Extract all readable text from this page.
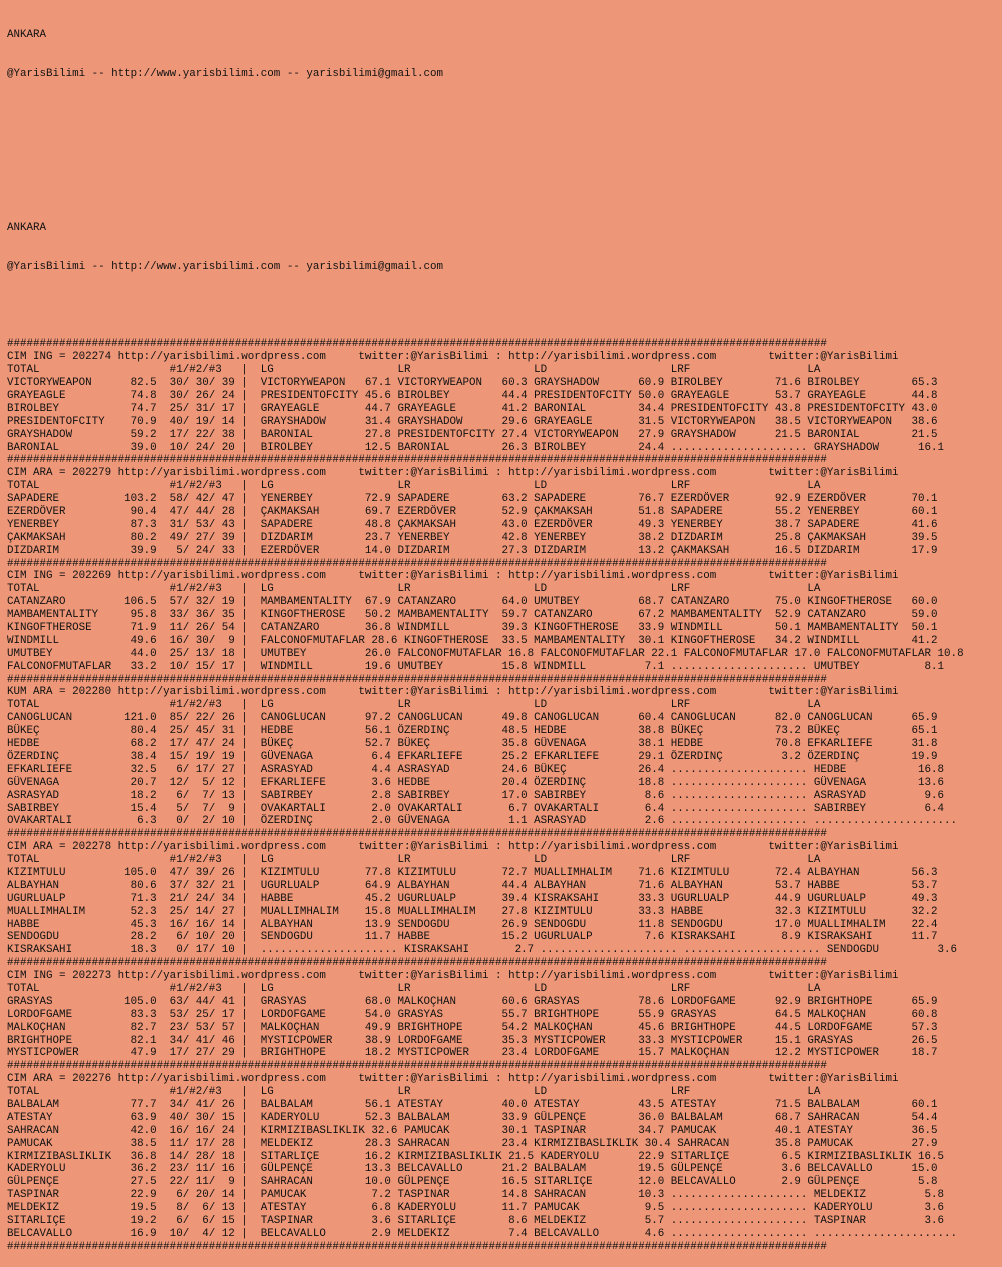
ANKARA

@YarisBilimi -- http://www.yarisbilimi.com -- yarisbilimi@gmail.com

ANKARA

@YarisBilimi -- http://www.yarisbilimi.com -- yarisbilimi@gmail.com

##############################################################################################################################
CIM ING = 202274 http://yarisbilimi.wordpress.com     twitter:@YarisBilimi : http://yarisbilimi.wordpress.com        twitter:@YarisBilimi
TOTAL                    #1/#2/#3   |  LG                   LR                   LD                   LRF                  LA
VICTORYWEAPON      82.5  30/ 30/ 39 |  VICTORYWEAPON   67.1 VICTORYWEAPON   60.3 GRAYSHADOW      60.9 BIROLBEY        71.6 BIROLBEY        65.3
GRAYEAGLE          74.8  30/ 26/ 24 |  PRESIDENTOFCITY 45.6 BIROLBEY        44.4 PRESIDENTOFCITY 50.0 GRAYEAGLE       53.7 GRAYEAGLE       44.8
BIROLBEY           74.7  25/ 31/ 17 |  GRAYEAGLE       44.7 GRAYEAGLE       41.2 BARONIAL        34.4 PRESIDENTOFCITY 43.8 PRESIDENTOFCITY 43.0
PRESIDENTOFCITY    70.9  40/ 19/ 14 |  GRAYSHADOW      31.4 GRAYSHADOW      29.6 GRAYEAGLE       31.5 VICTORYWEAPON   38.5 VICTORYWEAPON   38.6
GRAYSHADOW         59.2  17/ 22/ 38 |  BARONIAL        27.8 PRESIDENTOFCITY 27.4 VICTORYWEAPON   27.9 GRAYSHADOW      21.5 BARONIAL        21.5
BARONIAL           39.0  10/ 24/ 20 |  BIROLBEY        12.5 BARONIAL        26.3 BIROLBEY        24.4 ..................... GRAYSHADOW      16.1
##############################################################################################################################
CIM ARA = 202279 http://yarisbilimi.wordpress.com     twitter:@YarisBilimi : http://yarisbilimi.wordpress.com        twitter:@YarisBilimi
TOTAL                    #1/#2/#3   |  LG                   LR                   LD                   LRF                  LA
SAPADERE          103.2  58/ 42/ 47 |  YENERBEY        72.9 SAPADERE        63.2 SAPADERE        76.7 EZERDÖVER       92.9 EZERDÖVER       70.1
EZERDÖVER          90.4  47/ 44/ 28 |  ÇAKMAKSAH       69.7 EZERDÖVER       52.9 ÇAKMAKSAH       51.8 SAPADERE        55.2 YENERBEY        60.1
YENERBEY           87.3  31/ 53/ 43 |  SAPADERE        48.8 ÇAKMAKSAH       43.0 EZERDÖVER       49.3 YENERBEY        38.7 SAPADERE        41.6
ÇAKMAKSAH          80.2  49/ 27/ 39 |  DIZDARIM        23.7 YENERBEY        42.8 YENERBEY        38.2 DIZDARIM        25.8 ÇAKMAKSAH       39.5
DIZDARIM           39.9   5/ 24/ 33 |  EZERDÖVER       14.0 DIZDARIM        27.3 DIZDARIM        13.2 ÇAKMAKSAH       16.5 DIZDARIM        17.9
##############################################################################################################################
CIM ING = 202269 http://yarisbilimi.wordpress.com     twitter:@YarisBilimi : http://yarisbilimi.wordpress.com        twitter:@YarisBilimi
TOTAL                    #1/#2/#3   |  LG                   LR                   LD                   LRF                  LA
CATANZARO         106.5  57/ 32/ 19 |  MAMBAMENTALITY  67.9 CATANZARO       64.0 UMUTBEY         68.7 CATANZARO       75.0 KINGOFTHEROSE   60.0
MAMBAMENTALITY     95.8  33/ 36/ 35 |  KINGOFTHEROSE   50.2 MAMBAMENTALITY  59.7 CATANZARO       67.2 MAMBAMENTALITY  52.9 CATANZARO       59.0
KINGOFTHEROSE      71.9  11/ 26/ 54 |  CATANZARO       36.8 WINDMILL        39.3 KINGOFTHEROSE   33.9 WINDMILL        50.1 MAMBAMENTALITY  50.1
WINDMILL           49.6  16/ 30/  9 |  FALCONOFMUTAFLAR 28.6 KINGOFTHEROSE  33.5 MAMBAMENTALITY  30.1 KINGOFTHEROSE   34.2 WINDMILL        41.2
UMUTBEY            44.0  25/ 13/ 18 |  UMUTBEY         26.0 FALCONOFMUTAFLAR 16.8 FALCONOFMUTAFLAR 22.1 FALCONOFMUTAFLAR 17.0 FALCONOFMUTAFLAR 10.8
FALCONOFMUTAFLAR   33.2  10/ 15/ 17 |  WINDMILL        19.6 UMUTBEY         15.8 WINDMILL         7.1 ..................... UMUTBEY          8.1
##############################################################################################################################
KUM ARA = 202280 http://yarisbilimi.wordpress.com     twitter:@YarisBilimi : http://yarisbilimi.wordpress.com        twitter:@YarisBilimi
TOTAL                    #1/#2/#3   |  LG                   LR                   LD                   LRF                  LA
CANOGLUCAN        121.0  85/ 22/ 26 |  CANOGLUCAN      97.2 CANOGLUCAN      49.8 CANOGLUCAN      60.4 CANOGLUCAN      82.0 CANOGLUCAN      65.9
BÜKEÇ              80.4  25/ 45/ 31 |  HEDBE           56.1 ÖZERDINÇ        48.5 HEDBE           38.8 BÜKEÇ           73.2 BÜKEÇ           65.1
HEDBE              68.2  17/ 47/ 24 |  BÜKEÇ           52.7 BÜKEÇ           35.8 GÜVENAGA        38.1 HEDBE           70.8 EFKARLIEFE      31.8
ÖZERDINÇ           38.4  15/ 19/ 19 |  GÜVENAGA         6.4 EFKARLIEFE      25.2 EFKARLIEFE      29.1 ÖZERDINÇ         3.2 ÖZERDINÇ        19.9
EFKARLIEFE         32.5   6/ 17/ 27 |  ASRASYAD         4.4 ASRASYAD        24.6 BÜKEÇ           26.4 ..................... HEDBE           16.8
GÜVENAGA           20.7  12/  5/ 12 |  EFKARLIEFE       3.6 HEDBE           20.4 ÖZERDINÇ        18.8 ..................... GÜVENAGA        13.6
ASRASYAD           18.2   6/  7/ 13 |  SABIRBEY         2.8 SABIRBEY        17.0 SABIRBEY         8.6 ..................... ASRASYAD         9.6
SABIRBEY           15.4   5/  7/  9 |  OVAKARTALI       2.0 OVAKARTALI       6.7 OVAKARTALI       6.4 ..................... SABIRBEY         6.4
OVAKARTALI          6.3   0/  2/ 10 |  ÖZERDINÇ         2.0 GÜVENAGA         1.1 ASRASYAD         2.6 ..................... ......................
##############################################################################################################################
CIM ARA = 202278 http://yarisbilimi.wordpress.com     twitter:@YarisBilimi : http://yarisbilimi.wordpress.com        twitter:@YarisBilimi
TOTAL                    #1/#2/#3   |  LG                   LR                   LD                   LRF                  LA
KIZIMTULU         105.0  47/ 39/ 26 |  KIZIMTULU       77.8 KIZIMTULU       72.7 MUALLIMHALIM    71.6 KIZIMTULU       72.4 ALBAYHAN        56.3
ALBAYHAN           80.6  37/ 32/ 21 |  UGURLUALP       64.9 ALBAYHAN        44.4 ALBAYHAN        71.6 ALBAYHAN        53.7 HABBE           53.7
UGURLUALP          71.3  21/ 24/ 34 |  HABBE           45.2 UGURLUALP       39.4 KISRAKSAHI      33.3 UGURLUALP       44.9 UGURLUALP       49.3
MUALLIMHALIM       52.3  25/ 14/ 27 |  MUALLIMHALIM    15.8 MUALLIMHALIM    27.8 KIZIMTULU       33.3 HABBE           32.3 KIZIMTULU       32.2
HABBE              45.3  16/ 16/ 14 |  ALBAYHAN        13.9 SENDOGDU        26.9 SENDOGDU        11.8 SENDOGDU        17.0 MUALLIMHALIM    22.4
SENDOGDU           28.2   6/ 10/ 20 |  SENDOGDU        11.7 HABBE           15.2 UGURLUALP        7.6 KISRAKSAHI       8.9 KISRAKSAHI      11.7
KISRAKSAHI         18.3   0/ 17/ 10 |  ..................... KISRAKSAHI       2.7 ..................... ..................... SENDOGDU         3.6
##############################################################################################################################
CIM ING = 202273 http://yarisbilimi.wordpress.com     twitter:@YarisBilimi : http://yarisbilimi.wordpress.com        twitter:@YarisBilimi
TOTAL                    #1/#2/#3   |  LG                   LR                   LD                   LRF                  LA
GRASYAS           105.0  63/ 44/ 41 |  GRASYAS         68.0 MALKOÇHAN       60.6 GRASYAS         78.6 LORDOFGAME      92.9 BRIGHTHOPE      65.9
LORDOFGAME         83.3  53/ 25/ 17 |  LORDOFGAME      54.0 GRASYAS         55.7 BRIGHTHOPE      55.9 GRASYAS         64.5 MALKOÇHAN       60.8
MALKOÇHAN          82.7  23/ 53/ 57 |  MALKOÇHAN       49.9 BRIGHTHOPE      54.2 MALKOÇHAN       45.6 BRIGHTHOPE      44.5 LORDOFGAME      57.3
BRIGHTHOPE         82.1  34/ 41/ 46 |  MYSTICPOWER     38.9 LORDOFGAME      35.3 MYSTICPOWER     33.3 MYSTICPOWER     15.1 GRASYAS         26.5
MYSTICPOWER        47.9  17/ 27/ 29 |  BRIGHTHOPE      18.2 MYSTICPOWER     23.4 LORDOFGAME      15.7 MALKOÇHAN       12.2 MYSTICPOWER     18.7
##############################################################################################################################
CIM ARA = 202276 http://yarisbilimi.wordpress.com     twitter:@YarisBilimi : http://yarisbilimi.wordpress.com        twitter:@YarisBilimi
TOTAL                    #1/#2/#3   |  LG                   LR                   LD                   LRF                  LA
BALBALAM           77.7  34/ 41/ 26 |  BALBALAM        56.1 ATESTAY         40.0 ATESTAY         43.5 ATESTAY         71.5 BALBALAM        60.1
ATESTAY            63.9  40/ 30/ 15 |  KADERYOLU       52.3 BALBALAM        33.9 GÜLPENÇE        36.0 BALBALAM        68.7 SAHRACAN        54.4
SAHRACAN           42.0  16/ 16/ 24 |  KIRMIZIBASLIKLIK 32.6 PAMUCAK        30.1 TASPINAR        34.7 PAMUCAK         40.1 ATESTAY         36.5
PAMUCAK            38.5  11/ 17/ 28 |  MELDEKIZ        28.3 SAHRACAN        23.4 KIRMIZIBASLIKLIK 30.4 SAHRACAN       35.8 PAMUCAK         27.9
KIRMIZIBASLIKLIK   36.8  14/ 28/ 18 |  SITARLIÇE       16.2 KIRMIZIBASLIKLIK 21.5 KADERYOLU      22.9 SITARLIÇE        6.5 KIRMIZIBASLIKLIK 16.5
KADERYOLU          36.2  23/ 11/ 16 |  GÜLPENÇE        13.3 BELCAVALLO      21.2 BALBALAM        19.5 GÜLPENÇE         3.6 BELCAVALLO      15.0
GÜLPENÇE           27.5  22/ 11/  9 |  SAHRACAN        10.0 GÜLPENÇE        16.5 SITARLIÇE       12.0 BELCAVALLO       2.9 GÜLPENÇE         5.8
TASPINAR           22.9   6/ 20/ 14 |  PAMUCAK          7.2 TASPINAR        14.8 SAHRACAN        10.3 ..................... MELDEKIZ         5.8
MELDEKIZ           19.5   8/  6/ 13 |  ATESTAY          6.8 KADERYOLU       11.7 PAMUCAK          9.5 ..................... KADERYOLU        3.6
SITARLIÇE          19.2   6/  6/ 15 |  TASPINAR         3.6 SITARLIÇE        8.6 MELDEKIZ         5.7 ..................... TASPINAR         3.6
BELCAVALLO         16.9  10/  4/ 12 |  BELCAVALLO       2.9 MELDEKIZ         7.4 BELCAVALLO       4.6 ..................... ......................
##############################################################################################################################
